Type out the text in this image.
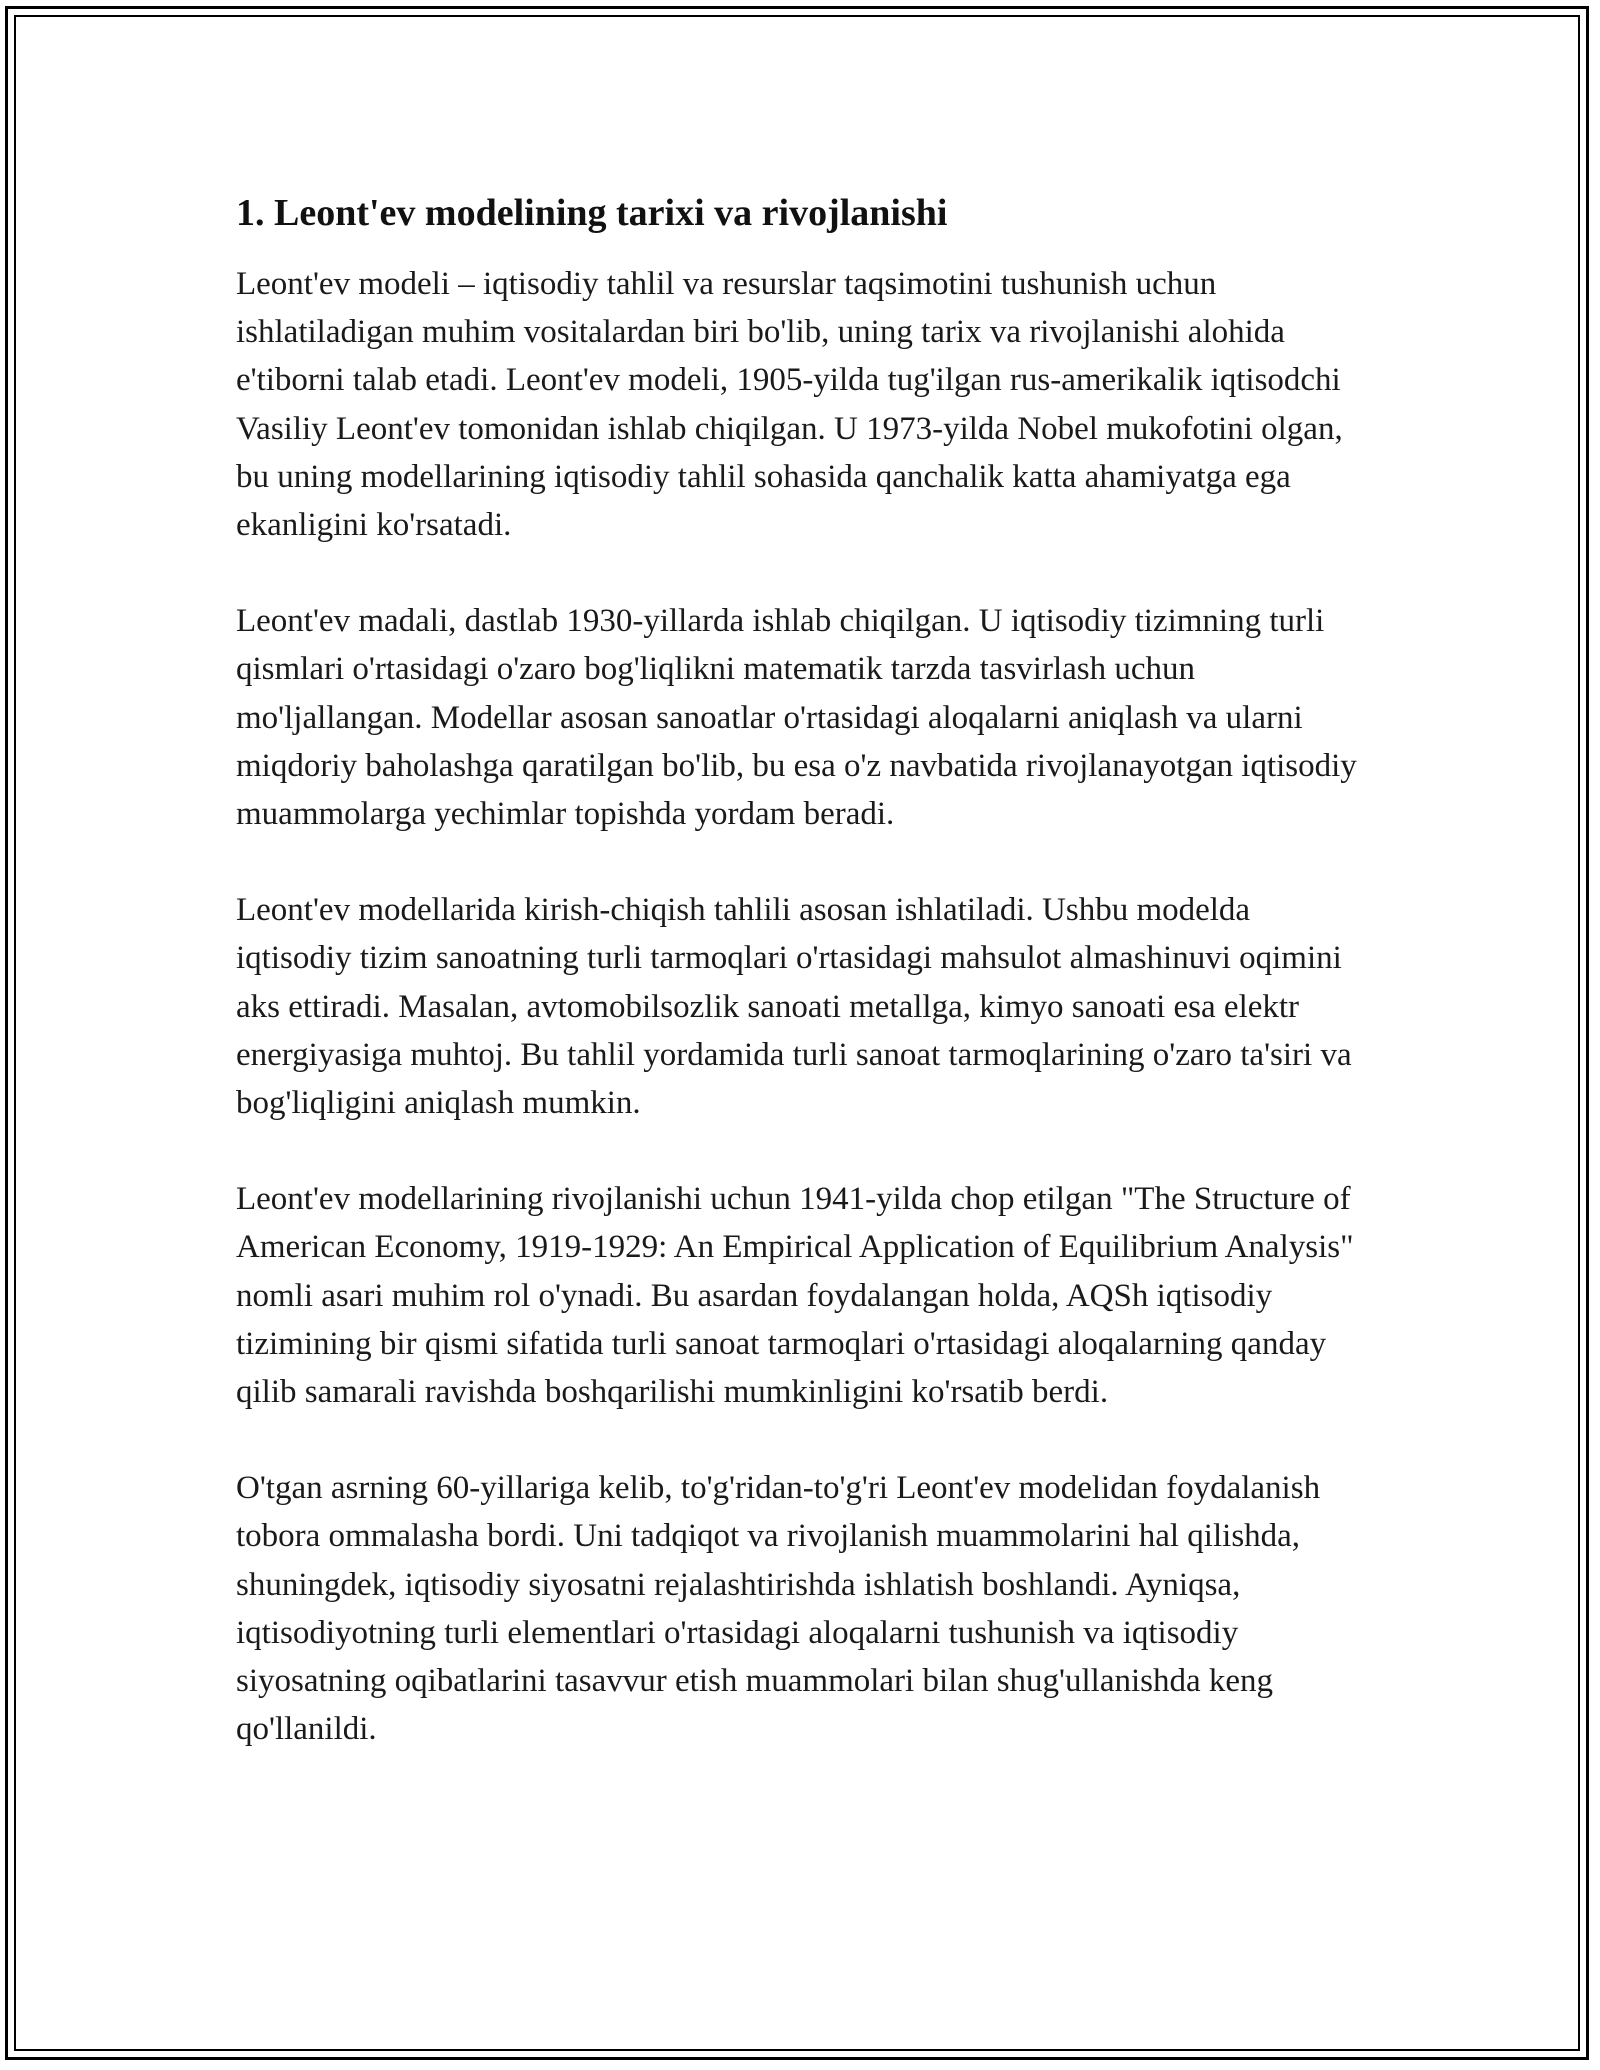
1. Leont'ev modelining tarixi va rivojlanishi

Leont'ev modeli – iqtisodiy tahlil va resurslar taqsimotini tushunish uchun ishlatiladigan muhim vositalardan biri bo'lib, uning tarix va rivojlanishi alohida e'tiborni talab etadi. Leont'ev modeli, 1905-yilda tug'ilgan rus-amerikalik iqtisodchi Vasiliy Leont'ev tomonidan ishlab chiqilgan. U 1973-yilda Nobel mukofotini olgan, bu uning modellarining iqtisodiy tahlil sohasida qanchalik katta ahamiyatga ega ekanligini ko'rsatadi.

Leont'ev madali, dastlab 1930-yillarda ishlab chiqilgan. U iqtisodiy tizimning turli qismlari o'rtasidagi o'zaro bog'liqlikni matematik tarzda tasvirlash uchun mo'ljallangan. Modellar asosan sanoatlar o'rtasidagi aloqalarni aniqlash va ularni miqdoriy baholashga qaratilgan bo'lib, bu esa o'z navbatida rivojlanayotgan iqtisodiy muammolarga yechimlar topishda yordam beradi.

Leont'ev modellarida kirish-chiqish tahlili asosan ishlatiladi. Ushbu modelda iqtisodiy tizim sanoatning turli tarmoqlari o'rtasidagi mahsulot almashinuvi oqimini aks ettiradi. Masalan, avtomobilsozlik sanoati metallga, kimyo sanoati esa elektr energiyasiga muhtoj. Bu tahlil yordamida turli sanoat tarmoqlarining o'zaro ta'siri va bog'liqligini aniqlash mumkin.

Leont'ev modellarining rivojlanishi uchun 1941-yilda chop etilgan "The Structure of American Economy, 1919-1929: An Empirical Application of Equilibrium Analysis" nomli asari muhim rol o'ynadi. Bu asardan foydalangan holda, AQSh iqtisodiy tizimining bir qismi sifatida turli sanoat tarmoqlari o'rtasidagi aloqalarning qanday qilib samarali ravishda boshqarilishi mumkinligini ko'rsatib berdi.

O'tgan asrning 60-yillariga kelib, to'g'ridan-to'g'ri Leont'ev modelidan foydalanish tobora ommalasha bordi. Uni tadqiqot va rivojlanish muammolarini hal qilishda, shuningdek, iqtisodiy siyosatni rejalashtirishda ishlatish boshlandi. Ayniqsa, iqtisodiyotning turli elementlari o'rtasidagi aloqalarni tushunish va iqtisodiy siyosatning oqibatlarini tasavvur etish muammolari bilan shug'ullanishda keng qo'llanildi.
